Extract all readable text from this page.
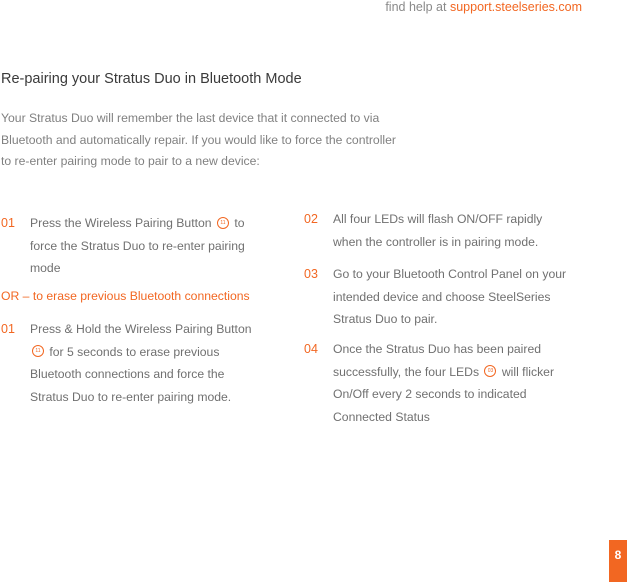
find help at support.steelseries.com
Re-pairing your Stratus Duo in Bluetooth Mode
Your Stratus Duo will remember the last device that it connected to via
Bluetooth and automatically repair. If you would like to force the controller
to re-enter pairing mode to pair to a new device:
01 Press the Wireless Pairing Button 11 to
force the Stratus Duo to re-enter pairing
mode
OR – to erase previous Bluetooth connections
01 Press & Hold the Wireless Pairing Button
11 for 5 seconds to erase previous
Bluetooth connections and force the
Stratus Duo to re-enter pairing mode.
02 All four LEDs will flash ON/OFF rapidly
when the controller is in pairing mode.
03 Go to your Bluetooth Control Panel on your
intended device and choose SteelSeries
Stratus Duo to pair.
04 Once the Stratus Duo has been paired
successfully, the four LEDs 03 will flicker
On/Off every 2 seconds to indicated
Connected Status
8
